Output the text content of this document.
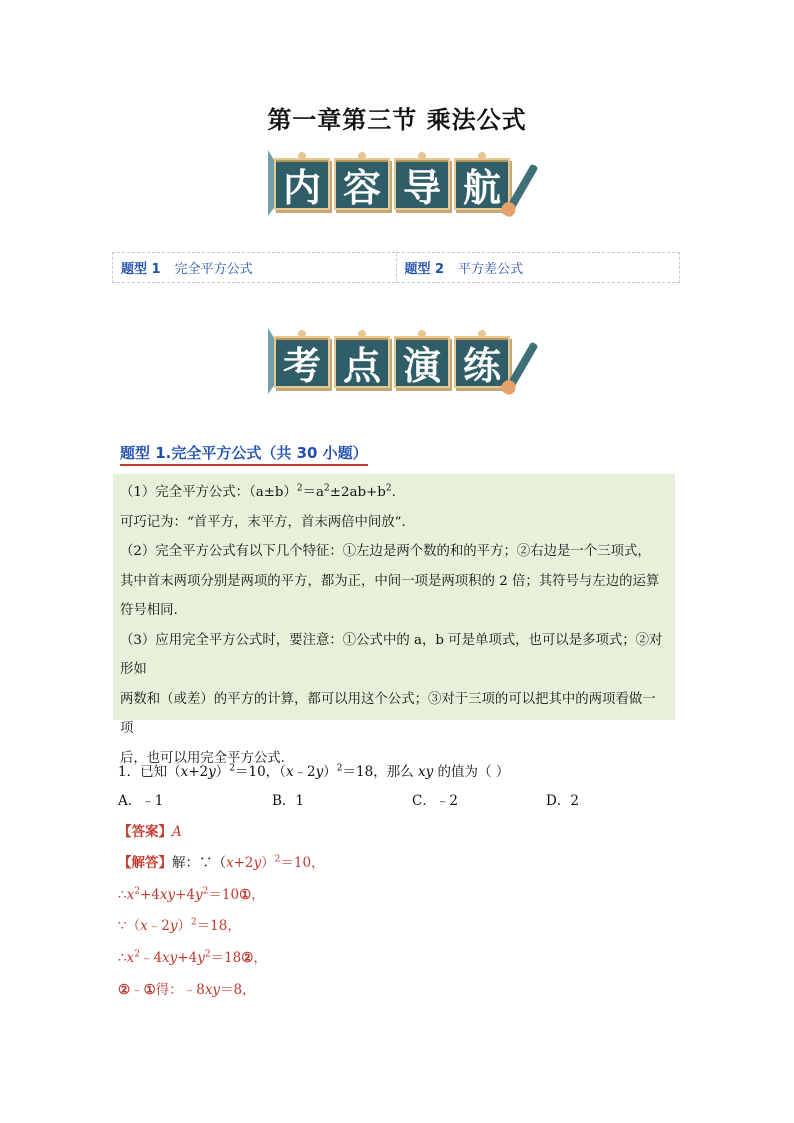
第一章第三节 乘法公式
内 容 导 航
题型 1 完全平方公式	题型 2 平方差公式
考 点 演 练
题型 1.完全平方公式（共 30 小题）

（1）完全平方公式：$(a\pm b)^2=a^2\pm 2ab+b^2$.

可巧记为：“首平方，末平方，首末两倍中间放”.

（2）完全平方公式有以下几个特征：①左边是两个数的和的平方；②右边是一个三项式，

其中首末两项分别是两项的平方，都为正，中间一项是两项积的 2 倍；其符号与左边的运算

符号相同.

（3）应用完全平方公式时，要注意：①公式中的 a，b 可是单项式，也可以是多项式；②对形如

两数和（或差）的平方的计算，都可以用这个公式；③对于三项的可以把其中的两项看做一项

后，也可以用完全平方公式.

1．已知$(x+2y)^2=10$，（x﹣2y）$^2$＝18，那么 xy 的值为（ ）
A．﹣1	B．1	C．﹣2	D．2
【答案】A
【解答】解：$\because(x+2y)^2=10$，
$\therefore x^2+4xy+4y^2=10①$，
∵（x﹣2y）$^2$＝18，
$\therefore x^2﹣4xy+4y^2=18②$，
②﹣①得：﹣8xy＝8，
